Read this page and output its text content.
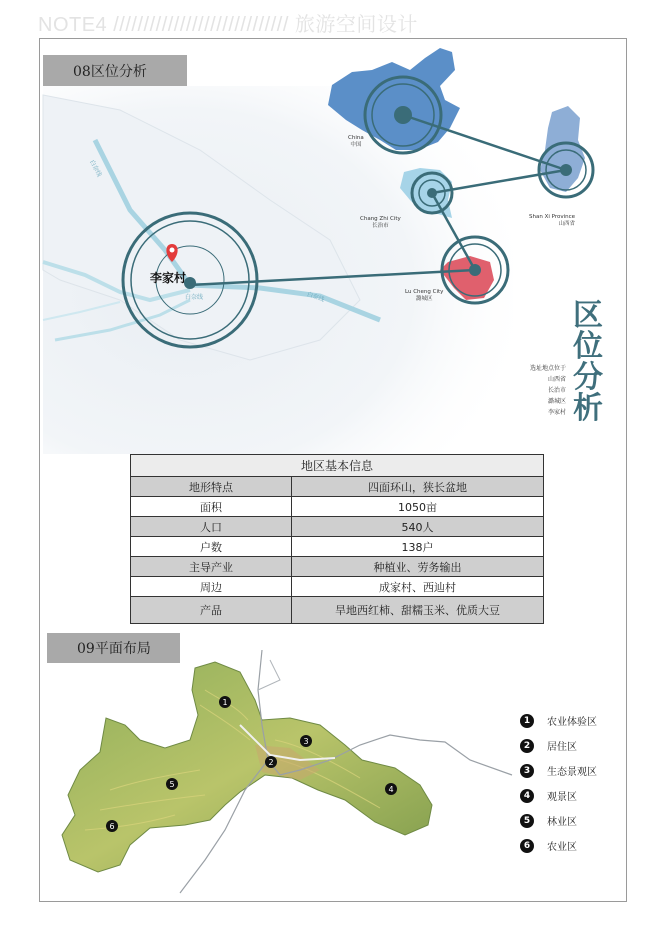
NOTE4 ///////////////////////////// 旅游空间设计
08区位分析
李家村
白奈线
白奈线	白奈线
China
中国
Shan Xi Province
山西省
Chang Zhi City
长治市
Lu Cheng City
潞城区	区位分析
选址地点位于
山西省
长治市
潞城区
李家村
地区基本信息	
地形特点	四面环山，狭长盆地
面积	1050亩
人口	540人
户数	138户
主导产业	种植业、劳务输出
周边	成家村、西辿村
产品	旱地西红柿、甜糯玉米、优质大豆
09平面布局
1
2
3
4
5
6
1	农业体验区
2	居住区
3	生态景观区
4	观景区
5	林业区
6	农业区
